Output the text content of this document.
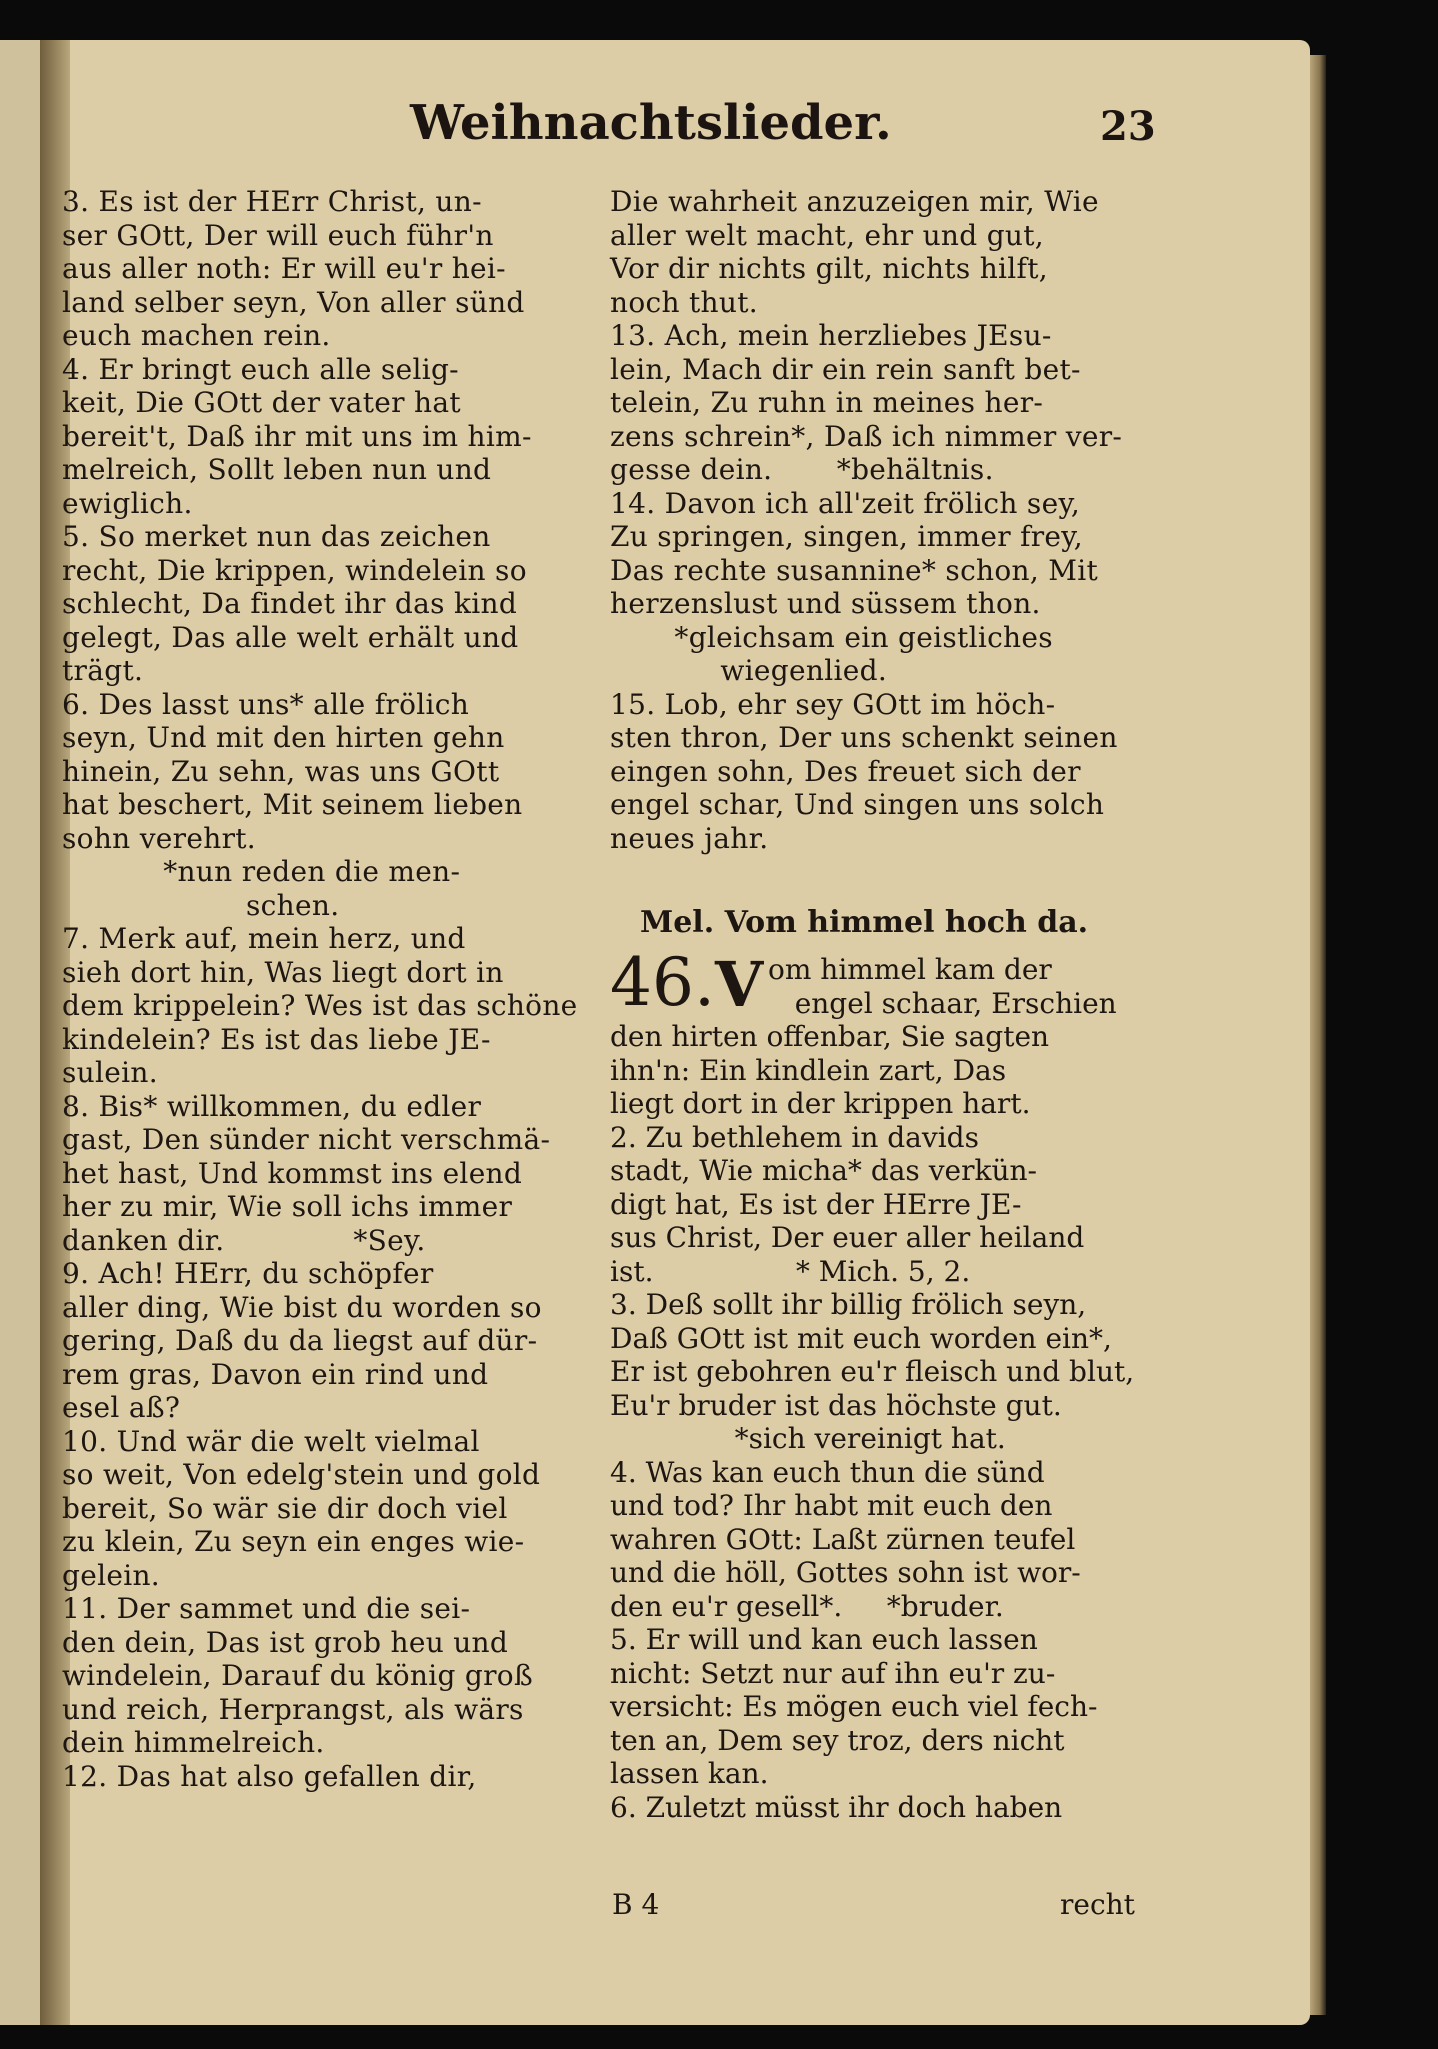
Weihnachtslieder.	23
3. Es ist der HErr Christ, un-
ser GOtt, Der will euch führ'n
aus aller noth: Er will eu'r hei-
land selber seyn, Von aller sünd
euch machen rein.
4. Er bringt euch alle selig-
keit, Die GOtt der vater hat
bereit't, Daß ihr mit uns im him-
melreich, Sollt leben nun und
ewiglich.
5. So merket nun das zeichen
recht, Die krippen, windelein so
schlecht, Da findet ihr das kind
gelegt, Das alle welt erhält und
trägt.
6. Des lasst uns* alle frölich
seyn, Und mit den hirten gehn
hinein, Zu sehn, was uns GOtt
hat beschert, Mit seinem lieben
sohn verehrt.
*nun reden die men-
schen.
7. Merk auf, mein herz, und
sieh dort hin, Was liegt dort in
dem krippelein? Wes ist das schöne
kindelein? Es ist das liebe JE-
sulein.
8. Bis* willkommen, du edler
gast, Den sünder nicht verschmä-
het hast, Und kommst ins elend
her zu mir, Wie soll ichs immer
danken dir.              *Sey.
9. Ach! HErr, du schöpfer
aller ding, Wie bist du worden so
gering, Daß du da liegst auf dür-
rem gras, Davon ein rind und
esel aß?
10. Und wär die welt vielmal
so weit, Von edelg'stein und gold
bereit, So wär sie dir doch viel
zu klein, Zu seyn ein enges wie-
gelein.
11. Der sammet und die sei-
den dein, Das ist grob heu und
windelein, Darauf du könig groß
und reich, Herprangst, als wärs
dein himmelreich.
12. Das hat also gefallen dir,
Die wahrheit anzuzeigen mir, Wie
aller welt macht, ehr und gut,
Vor dir nichts gilt, nichts hilft,
noch thut.
13. Ach, mein herzliebes JEsu-
lein, Mach dir ein rein sanft bet-
telein, Zu ruhn in meines her-
zens schrein*, Daß ich nimmer ver-
gesse dein.       *behältnis.
14. Davon ich all'zeit frölich sey,
Zu springen, singen, immer frey,
Das rechte susannine* schon, Mit
herzenslust und süssem thon.
*gleichsam ein geistliches
wiegenlied.
15. Lob, ehr sey GOtt im höch-
sten thron, Der uns schenkt seinen
eingen sohn, Des freuet sich der
engel schar, Und singen uns solch
neues jahr.
Mel. Vom himmel hoch da.
46. V om himmel kam der
engel schaar, Erschien
den hirten offenbar, Sie sagten
ihn'n: Ein kindlein zart, Das
liegt dort in der krippen hart.
2. Zu bethlehem in davids
stadt, Wie micha* das verkün-
digt hat, Es ist der HErre JE-
sus Christ, Der euer aller heiland
ist.                * Mich. 5, 2.
3. Deß sollt ihr billig frölich seyn,
Daß GOtt ist mit euch worden ein*,
Er ist gebohren eu'r fleisch und blut,
Eu'r bruder ist das höchste gut.
*sich vereinigt hat.
4. Was kan euch thun die sünd
und tod? Ihr habt mit euch den
wahren GOtt: Laßt zürnen teufel
und die höll, Gottes sohn ist wor-
den eu'r gesell*.     *bruder.
5. Er will und kan euch lassen
nicht: Setzt nur auf ihn eu'r zu-
versicht: Es mögen euch viel fech-
ten an, Dem sey troz, ders nicht
lassen kan.
6. Zuletzt müsst ihr doch haben
B 4	recht
